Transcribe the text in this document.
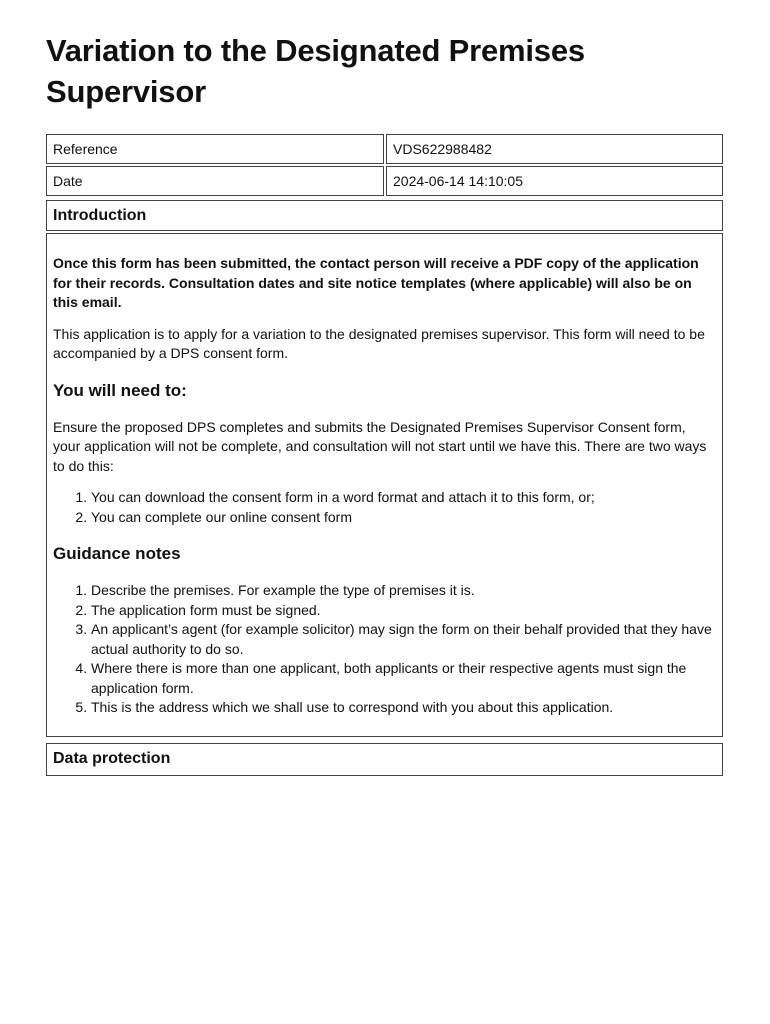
Variation to the Designated Premises Supervisor
Reference		VDS622988482
Date		2024-06-14 14:10:05
Introduction

Once this form has been submitted, the contact person will receive a PDF copy of the application for their records. Consultation dates and site notice templates (where applicable) will also be on this email.

This application is to apply for a variation to the designated premises supervisor. This form will need to be accompanied by a DPS consent form.

You will need to:

Ensure the proposed DPS completes and submits the Designated Premises Supervisor Consent form, your application will not be complete, and consultation will not start until we have this. There are two ways to do this:

1. You can download the consent form in a word format and attach it to this form, or;
2. You can complete our online consent form
Guidance notes
1. Describe the premises. For example the type of premises it is.
2. The application form must be signed.
3. An applicant’s agent (for example solicitor) may sign the form on their behalf provided that they have actual authority to do so.
4. Where there is more than one applicant, both applicants or their respective agents must sign the application form.
5. This is the address which we shall use to correspond with you about this application.
Data protection
